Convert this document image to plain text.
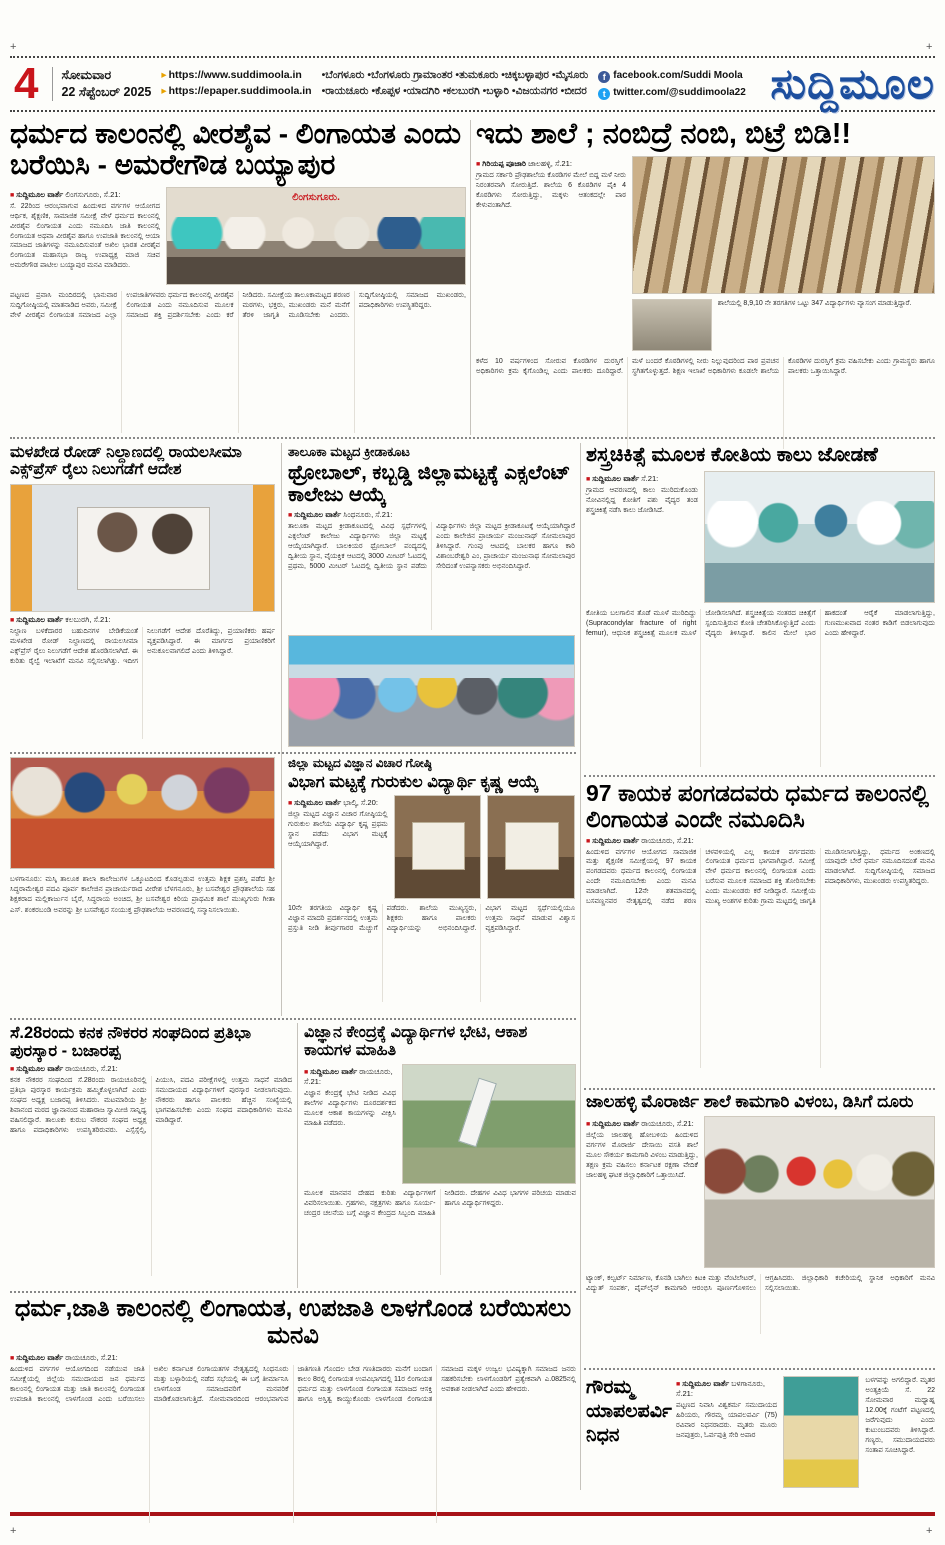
+	+
+	+
4	ಸೋಮವಾರ
22 ಸೆಪ್ಟೆಂಬರ್ 2025
▸ https://www.suddimoola.in
▸ https://epaper.suddimoola.in
•ಬೆಂಗಳೂರು •ಬೆಂಗಳೂರು ಗ್ರಾಮಾಂತರ •ತುಮಕೂರು •ಚಿಕ್ಕಬಳ್ಳಾಪುರ •ಮೈಸೂರು
•ರಾಯಚೂರು •ಕೊಪ್ಪಳ •ಯಾದಗಿರಿ •ಕಲಬುರಗಿ •ಬಳ್ಳಾರಿ •ವಿಜಯನಗರ •ಬೀದರ
f facebook.com/Suddi Moola
t twitter.com/@suddimoola22 ಸುದ್ದಿಮೂಲ
ಧರ್ಮದ ಕಾಲಂನಲ್ಲಿ ವೀರಶೈವ - ಲಿಂಗಾಯತ ಎಂದು ಬರೆಯಿಸಿ - ಅಮರೇಗೌಡ ಬಯ್ಯಾಪುರ
■ ಸುದ್ದಿಮೂಲ ವಾರ್ತೆ ಲಿಂಗಸುಗೂರು, ಸೆ.21:
ಸೆ. 22ರಿಂದ ಆರಂಭವಾಗುವ ಹಿಂದುಳಿದ ವರ್ಗಗಳ ಆಯೋಗದ ಆರ್ಥಿಕ, ಶೈಕ್ಷಣಿಕ, ಸಾಮಾಜಿಕ ಸಮೀಕ್ಷೆ ವೇಳೆ ಧರ್ಮದ ಕಾಲಂನಲ್ಲಿ ವೀರಶೈವ ಲಿಂಗಾಯತ ಎಂದು ನಮೂದಿಸಿ ಜಾತಿ ಕಾಲಂನಲ್ಲಿ ಲಿಂಗಾಯತ ಅಥವಾ ವೀರಶೈವ ಹಾಗೂ ಉಪಜಾತಿ ಕಾಲಂನಲ್ಲಿ ಆಯಾ ಸಮಾಜದ ಜಾತಿಗಳನ್ನು ನಮೂದಿಸುವಂತೆ ಅಖಿಲ ಭಾರತ ವೀರಶೈವ ಲಿಂಗಾಯತ ಮಹಾಸಭಾ ರಾಜ್ಯ ಉಪಾಧ್ಯಕ್ಷ ಮಾಜಿ ಸಚಿವ ಅಮರೇಗೌಡ ಪಾಟೀಲ ಬಯ್ಯಾಪುರ ಮನವಿ ಮಾಡಿದರು.
ಲಿಂಗಸುಗೂರು.
ಪಟ್ಟಣದ ಪ್ರವಾಸಿ ಮಂದಿರದಲ್ಲಿ ಭಾನುವಾರ ಸುದ್ದಿಗೋಷ್ಠಿಯಲ್ಲಿ ಮಾತನಾಡಿದ ಅವರು, ಸಮೀಕ್ಷೆ ವೇಳೆ ವೀರಶೈವ ಲಿಂಗಾಯತ ಸಮಾಜದ ಎಲ್ಲಾ ಉಪಜಾತಿಗಳವರು ಧರ್ಮದ ಕಾಲಂನಲ್ಲಿ ವೀರಶೈವ ಲಿಂಗಾಯತ ಎಂದು ನಮೂದಿಸುವ ಮೂಲಕ ಸಮಾಜದ ಶಕ್ತಿ ಪ್ರದರ್ಶಿಸಬೇಕು ಎಂದು ಕರೆ ನೀಡಿದರು. ಸಮೀಕ್ಷೆಯ ತಾಲೂಕಾಮಟ್ಟದ ಶರಣರ ಮಠಗಳು, ಭಕ್ತರು, ಮುಖಂಡರು ಮನೆ ಮನೆಗೆ ತೆರಳಿ ಜಾಗೃತಿ ಮೂಡಿಸಬೇಕು ಎಂದರು. ಸುದ್ದಿಗೋಷ್ಠಿಯಲ್ಲಿ ಸಮಾಜದ ಮುಖಂಡರು, ಪದಾಧಿಕಾರಿಗಳು ಉಪಸ್ಥಿತರಿದ್ದರು.
ಇದು ಶಾಲೆ ; ನಂಬಿದ್ರೆ ನಂಬಿ, ಬಿಟ್ರೆ ಬಿಡಿ!!
■ ಗಿರಿಯಪ್ಪ ಪೂಜಾರಿ ಜಾಲಹಳ್ಳಿ, ಸೆ.21:
ಗ್ರಾಮದ ಸರ್ಕಾರಿ ಪ್ರೌಢಶಾಲೆಯ ಕೊಠಡಿಗಳ ಮೇಲೆ ಬಿದ್ದ ಮಳೆ ನೀರು ನಿರಂತರವಾಗಿ ಸೋರುತ್ತಿದೆ. ಶಾಲೆಯ 6 ಕೊಠಡಿಗಳ ಪೈಕಿ 4 ಕೊಠಡಿಗಳು ಸೋರುತ್ತಿದ್ದು, ಮಕ್ಕಳು ಆತಂಕದಲ್ಲೇ ಪಾಠ ಕೇಳುವಂತಾಗಿದೆ.
ಶಾಲೆಯಲ್ಲಿ 8,9,10 ನೇ ತರಗತಿಗಳ ಒಟ್ಟು 347 ವಿದ್ಯಾರ್ಥಿಗಳು ವ್ಯಾಸಂಗ ಮಾಡುತ್ತಿದ್ದಾರೆ.
ಕಳೆದ 10 ವರ್ಷಗಳಿಂದ ಸೋರುವ ಕೊಠಡಿಗಳ ದುರಸ್ತಿಗೆ ಅಧಿಕಾರಿಗಳು ಕ್ರಮ ಕೈಗೊಂಡಿಲ್ಲ ಎಂದು ಪಾಲಕರು ದೂರಿದ್ದಾರೆ. ಮಳೆ ಬಂದರೆ ಕೊಠಡಿಗಳಲ್ಲಿ ನೀರು ನಿಲ್ಲುವುದರಿಂದ ಪಾಠ ಪ್ರವಚನ ಸ್ಥಗಿತಗೊಳ್ಳುತ್ತದೆ. ಶಿಕ್ಷಣ ಇಲಾಖೆ ಅಧಿಕಾರಿಗಳು ಕೂಡಲೇ ಶಾಲೆಯ ಕೊಠಡಿಗಳ ದುರಸ್ತಿಗೆ ಕ್ರಮ ವಹಿಸಬೇಕು ಎಂದು ಗ್ರಾಮಸ್ಥರು ಹಾಗೂ ಪಾಲಕರು ಒತ್ತಾಯಿಸಿದ್ದಾರೆ.
ಮಳಖೇಡ ರೋಡ್ ನಿಲ್ದಾಣದಲ್ಲಿ ರಾಯಲಸೀಮಾ ಎಕ್ಸ್‌ಪ್ರೆಸ್ ರೈಲು ನಿಲುಗಡೆಗೆ ಆದೇಶ
■ ಸುದ್ದಿಮೂಲ ವಾರ್ತೆ ಕಲಬುರಗಿ, ಸೆ.21:
ನಿಲ್ದಾಣ ಬಳಕೆದಾರರ ಬಹುದಿನಗಳ ಬೇಡಿಕೆಯಂತೆ ಮಳಖೇಡ ರೋಡ್ ನಿಲ್ದಾಣದಲ್ಲಿ ರಾಯಲಸೀಮಾ ಎಕ್ಸ್‌ಪ್ರೆಸ್ ರೈಲು ನಿಲುಗಡೆಗೆ ಆದೇಶ ಹೊರಡಿಸಲಾಗಿದೆ. ಈ ಕುರಿತು ರೈಲ್ವೆ ಇಲಾಖೆಗೆ ಮನವಿ ಸಲ್ಲಿಸಲಾಗಿತ್ತು. ಇದೀಗ ನಿಲುಗಡೆಗೆ ಆದೇಶ ದೊರೆತಿದ್ದು, ಪ್ರಯಾಣಿಕರು ಹರ್ಷ ವ್ಯಕ್ತಪಡಿಸಿದ್ದಾರೆ. ಈ ಮಾರ್ಗದ ಪ್ರಯಾಣಿಕರಿಗೆ ಅನುಕೂಲವಾಗಲಿದೆ ಎಂದು ತಿಳಿಸಿದ್ದಾರೆ.
ತಾಲೂಕಾ ಮಟ್ಟದ ಕ್ರೀಡಾಕೂಟ
ಥ್ರೋಬಾಲ್, ಕಬ್ಬಡ್ಡಿ ಜಿಲ್ಲಾಮಟ್ಟಕ್ಕೆ ಎಕ್ಸಲೆಂಟ್ ಕಾಲೇಜು ಆಯ್ಕೆ
■ ಸುದ್ದಿಮೂಲ ವಾರ್ತೆ ಸಿಂಧನೂರು, ಸೆ.21:
ತಾಲೂಕಾ ಮಟ್ಟದ ಕ್ರೀಡಾಕೂಟದಲ್ಲಿ ವಿವಿಧ ಸ್ಪರ್ಧೆಗಳಲ್ಲಿ ಎಕ್ಸಲೆಂಟ್ ಕಾಲೇಜು ವಿದ್ಯಾರ್ಥಿಗಳು ಜಿಲ್ಲಾ ಮಟ್ಟಕ್ಕೆ ಆಯ್ಕೆಯಾಗಿದ್ದಾರೆ. ಬಾಲಕಿಯರ ಥ್ರೋಬಾಲ್ ಪಂದ್ಯದಲ್ಲಿ ದ್ವಿತೀಯ ಸ್ಥಾನ, ವೈಯಕ್ತಿಕ ಆಟದಲ್ಲಿ 3000 ಮೀಟರ್ ಓಟದಲ್ಲಿ ಪ್ರಥಮ, 5000 ಮೀಟರ್ ಓಟದಲ್ಲಿ ದ್ವಿತೀಯ ಸ್ಥಾನ ಪಡೆದು ವಿದ್ಯಾರ್ಥಿಗಳು ಜಿಲ್ಲಾ ಮಟ್ಟದ ಕ್ರೀಡಾಕೂಟಕ್ಕೆ ಆಯ್ಕೆಯಾಗಿದ್ದಾರೆ ಎಂದು ಕಾಲೇಜಿನ ಪ್ರಾಚಾರ್ಯ ಮಂಜುನಾಥ್ ಸೋಮಲಾಪುರ ತಿಳಿಸಿದ್ದಾರೆ. ಗುಂಪು ಆಟದಲ್ಲಿ ಬಾಲಕರ ಹಾಗೂ ಕಾರಿ ವಿಶಾಂಬರೇಶ್ವರಿ ಎಂ, ಪ್ರಾಚಾರ್ಯ ಮಂಜುನಾಥ ಸೋಮಲಾಪುರ ಸೇರಿದಂತೆ ಉಪನ್ಯಾಸಕರು ಅಭಿನಂದಿಸಿದ್ದಾರೆ.
ಶಸ್ತ್ರಚಿಕಿತ್ಸೆ ಮೂಲಕ ಕೋತಿಯ ಕಾಲು ಜೋಡಣೆ
■ ಸುದ್ದಿಮೂಲ ವಾರ್ತೆ ಸೆ.21:
ಗ್ರಾಮದ ಆವರಣದಲ್ಲಿ ಕಾಲು ಮುರಿದುಕೊಂಡು ನೋವಿನಲ್ಲಿದ್ದ ಕೋತಿಗೆ ಪಶು ವೈದ್ಯರ ತಂಡ ಶಸ್ತ್ರಚಿಕಿತ್ಸೆ ನಡೆಸಿ ಕಾಲು ಜೋಡಿಸಿದೆ.
ಕೋತಿಯ ಬಲಗಾಲಿನ ತೊಡೆ ಮೂಳೆ ಮುರಿದಿದ್ದು (Supracondylar fracture of right femur), ಆಧುನಿಕ ಶಸ್ತ್ರಚಿಕಿತ್ಸೆ ಮೂಲಕ ಮೂಳೆ ಜೋಡಿಸಲಾಗಿದೆ. ಶಸ್ತ್ರಚಿಕಿತ್ಸೆಯ ನಂತರದ ಚಿಕಿತ್ಸೆಗೆ ಸ್ಪಂದಿಸುತ್ತಿರುವ ಕೋತಿ ಚೇತರಿಸಿಕೊಳ್ಳುತ್ತಿದೆ ಎಂದು ವೈದ್ಯರು ತಿಳಿಸಿದ್ದಾರೆ. ಕಾಲಿನ ಮೇಲೆ ಭಾರ ಹಾಕದಂತೆ ಆರೈಕೆ ಮಾಡಲಾಗುತ್ತಿದ್ದು, ಗುಣಮುಖವಾದ ನಂತರ ಕಾಡಿಗೆ ಬಿಡಲಾಗುವುದು ಎಂದು ಹೇಳಿದ್ದಾರೆ.
ಬಳಗಾನೂರು: ಮಸ್ಕಿ ತಾಲೂಕ ಶಾಲಾ ಕಾಲೇಜುಗಳ ಒಕ್ಕೂಟದಿಂದ ಕೊಡಲ್ಪಡುವ ಉತ್ತಮ ಶಿಕ್ಷಕ ಪ್ರಶಸ್ತಿ ಪಡೆದ ಶ್ರೀ ಸಿದ್ಧರಾಮೇಶ್ವರ ಪದವಿ ಪೂರ್ವ ಕಾಲೇಜಿನ ಪ್ರಾಚಾರ್ಯರಾದ ವೀರೇಶ ಬೆಳಗನೂರು, ಶ್ರೀ ಬಸವೇಶ್ವರ ಪ್ರೌಢಶಾಲೆಯ ಸಹ ಶಿಕ್ಷಕರಾದ ಮಲ್ಲಿಕಾರ್ಜುನ ಬೈರೆ, ಸಿದ್ಧರಾಯ ಅಂಚಿದ, ಶ್ರೀ ಬಸವೇಶ್ವರ ಕಿರಿಯ ಪ್ರಾಥಮಿಕ ಶಾಲೆ ಮುಖ್ಯಗುರು ಗೀತಾ ಎಸ್. ಶಂಕರಬಂಡಿ ಅವರನ್ನು ಶ್ರೀ ಬಸವೇಶ್ವರ ಸಂಯುಕ್ತ ಪ್ರೌಢಶಾಲೆಯ ಆವರಣದಲ್ಲಿ ಸನ್ಮಾನಿಸಲಾಯಿತು.
ಜಿಲ್ಲಾ ಮಟ್ಟದ ವಿಜ್ಞಾನ ವಿಚಾರ ಗೋಷ್ಠಿ
ವಿಭಾಗ ಮಟ್ಟಕ್ಕೆ ಗುರುಕುಲ ವಿದ್ಯಾರ್ಥಿ ಕೃಷ್ಣ ಆಯ್ಕೆ
■ ಸುದ್ದಿಮೂಲ ವಾರ್ತೆ ಭಾಲ್ಕಿ, ಸೆ.20:
ಜಿಲ್ಲಾ ಮಟ್ಟದ ವಿಜ್ಞಾನ ವಿಚಾರ ಗೋಷ್ಠಿಯಲ್ಲಿ ಗುರುಕುಲ ಶಾಲೆಯ ವಿದ್ಯಾರ್ಥಿ ಕೃಷ್ಣ ಪ್ರಥಮ ಸ್ಥಾನ ಪಡೆದು ವಿಭಾಗ ಮಟ್ಟಕ್ಕೆ ಆಯ್ಕೆಯಾಗಿದ್ದಾರೆ.
10ನೇ ತರಗತಿಯ ವಿದ್ಯಾರ್ಥಿ ಕೃಷ್ಣ ವಿಜ್ಞಾನ ಮಾದರಿ ಪ್ರದರ್ಶನದಲ್ಲಿ ಉತ್ತಮ ಪ್ರಸ್ತುತಿ ನೀಡಿ ತೀರ್ಪುಗಾರರ ಮೆಚ್ಚುಗೆ ಪಡೆದರು. ಶಾಲೆಯ ಮುಖ್ಯಸ್ಥರು, ಶಿಕ್ಷಕರು ಹಾಗೂ ಪಾಲಕರು ವಿದ್ಯಾರ್ಥಿಯನ್ನು ಅಭಿನಂದಿಸಿದ್ದಾರೆ. ವಿಭಾಗ ಮಟ್ಟದ ಸ್ಪರ್ಧೆಯಲ್ಲಿಯೂ ಉತ್ತಮ ಸಾಧನೆ ಮಾಡುವ ವಿಶ್ವಾಸ ವ್ಯಕ್ತಪಡಿಸಿದ್ದಾರೆ.
97 ಕಾಯಕ ಪಂಗಡದವರು ಧರ್ಮದ ಕಾಲಂನಲ್ಲಿ ಲಿಂಗಾಯತ ಎಂದೇ ನಮೂದಿಸಿ
■ ಸುದ್ದಿಮೂಲ ವಾರ್ತೆ ರಾಯಚೂರು, ಸೆ.21:
ಹಿಂದುಳಿದ ವರ್ಗಗಳ ಆಯೋಗದ ಸಾಮಾಜಿಕ ಮತ್ತು ಶೈಕ್ಷಣಿಕ ಸಮೀಕ್ಷೆಯಲ್ಲಿ 97 ಕಾಯಕ ಪಂಗಡದವರು ಧರ್ಮದ ಕಾಲಂನಲ್ಲಿ ಲಿಂಗಾಯತ ಎಂದೇ ನಮೂದಿಸಬೇಕು ಎಂದು ಮನವಿ ಮಾಡಲಾಗಿದೆ. 12ನೇ ಶತಮಾನದಲ್ಲಿ ಬಸವಣ್ಣನವರ ನೇತೃತ್ವದಲ್ಲಿ ನಡೆದ ಶರಣ ಚಳವಳಿಯಲ್ಲಿ ಎಲ್ಲ ಕಾಯಕ ವರ್ಗದವರು ಲಿಂಗಾಯತ ಧರ್ಮದ ಭಾಗವಾಗಿದ್ದಾರೆ. ಸಮೀಕ್ಷೆ ವೇಳೆ ಧರ್ಮದ ಕಾಲಂನಲ್ಲಿ ಲಿಂಗಾಯತ ಎಂದು ಬರೆಸುವ ಮೂಲಕ ಸಮಾಜದ ಶಕ್ತಿ ತೋರಿಸಬೇಕು ಎಂದು ಮುಖಂಡರು ಕರೆ ನೀಡಿದ್ದಾರೆ. ಸಮೀಕ್ಷೆಯ ಮುಖ್ಯ ಅಂಶಗಳ ಕುರಿತು ಗ್ರಾಮ ಮಟ್ಟದಲ್ಲಿ ಜಾಗೃತಿ ಮೂಡಿಸಲಾಗುತ್ತಿದ್ದು, ಧರ್ಮದ ಅಂಕಣದಲ್ಲಿ ಯಾವುದೇ ಬೇರೆ ಧರ್ಮ ನಮೂದಿಸದಂತೆ ಮನವಿ ಮಾಡಲಾಗಿದೆ. ಸುದ್ದಿಗೋಷ್ಠಿಯಲ್ಲಿ ಸಮಾಜದ ಪದಾಧಿಕಾರಿಗಳು, ಮುಖಂಡರು ಉಪಸ್ಥಿತರಿದ್ದರು.
ಸೆ.28ರಂದು ಕನಕ ನೌಕರರ ಸಂಘದಿಂದ ಪ್ರತಿಭಾ ಪುರಸ್ಕಾರ - ಬಜಾರಪ್ಪ
■ ಸುದ್ದಿಮೂಲ ವಾರ್ತೆ ರಾಯಚೂರು, ಸೆ.21:
ಕನಕ ನೌಕರರ ಸಂಘದಿಂದ ಸೆ.28ರಂದು ರಾಯಚೂರಿನಲ್ಲಿ ಪ್ರತಿಭಾ ಪುರಸ್ಕಾರ ಕಾರ್ಯಕ್ರಮ ಹಮ್ಮಿಕೊಳ್ಳಲಾಗಿದೆ ಎಂದು ಸಂಘದ ಅಧ್ಯಕ್ಷ ಬಜಾರಪ್ಪ ತಿಳಿಸಿದರು. ಮಟಮಾರಿಯ ಶ್ರೀ ಶಿವಾನಂದ ಮಠದ ಜ್ಞಾನಾನಂದ ಮಹಾರಾಜ ಸ್ವಾಮೀಜಿ ಸಾನ್ನಿಧ್ಯ ವಹಿಸಲಿದ್ದಾರೆ. ತಾಲೂಕು ಕುರುಬ ನೌಕರರ ಸಂಘದ ಅಧ್ಯಕ್ಷ ಹಾಗೂ ಪದಾಧಿಕಾರಿಗಳು ಉಪಸ್ಥಿತರಿರುವರು. ಎಸ್ಸೆಸ್ಸೆಲ್ಸಿ, ಪಿಯುಸಿ, ಪದವಿ ಪರೀಕ್ಷೆಗಳಲ್ಲಿ ಉತ್ತಮ ಸಾಧನೆ ಮಾಡಿದ ಸಮುದಾಯದ ವಿದ್ಯಾರ್ಥಿಗಳಿಗೆ ಪುರಸ್ಕಾರ ನೀಡಲಾಗುವುದು. ನೌಕರರು ಹಾಗೂ ಪಾಲಕರು ಹೆಚ್ಚಿನ ಸಂಖ್ಯೆಯಲ್ಲಿ ಭಾಗವಹಿಸಬೇಕು ಎಂದು ಸಂಘದ ಪದಾಧಿಕಾರಿಗಳು ಮನವಿ ಮಾಡಿದ್ದಾರೆ.
ವಿಜ್ಞಾನ ಕೇಂದ್ರಕ್ಕೆ ವಿದ್ಯಾರ್ಥಿಗಳ ಭೇಟಿ, ಆಕಾಶ ಕಾಯಗಳ ಮಾಹಿತಿ
■ ಸುದ್ದಿಮೂಲ ವಾರ್ತೆ ರಾಯಚೂರು, ಸೆ.21:
ವಿಜ್ಞಾನ ಕೇಂದ್ರಕ್ಕೆ ಭೇಟಿ ನೀಡಿದ ವಿವಿಧ ಶಾಲೆಗಳ ವಿದ್ಯಾರ್ಥಿಗಳು ದೂರದರ್ಶಕದ ಮೂಲಕ ಆಕಾಶ ಕಾಯಗಳನ್ನು ವೀಕ್ಷಿಸಿ ಮಾಹಿತಿ ಪಡೆದರು.
ಮೂಲಕ ಮಾನವನ ದೇಹದ ಕುರಿತು ವಿದ್ಯಾರ್ಥಿಗಳಿಗೆ ವಿವರಿಸಲಾಯಿತು. ಗ್ರಹಗಳು, ನಕ್ಷತ್ರಗಳು ಹಾಗೂ ಸೂರ್ಯ-ಚಂದ್ರರ ಚಲನೆಯ ಬಗ್ಗೆ ವಿಜ್ಞಾನ ಕೇಂದ್ರದ ಸಿಬ್ಬಂದಿ ಮಾಹಿತಿ ನೀಡಿದರು. ದೇಹಗಳ ವಿವಿಧ ಭಾಗಗಳ ಪರಿಚಯ ಮಾಡುವ ಹಾಗೂ ವಿದ್ಯಾರ್ಥಿಗಳಿದ್ದರು.
ಜಾಲಹಳ್ಳಿ ಮೊರಾರ್ಜಿ ಶಾಲೆ ಕಾಮಗಾರಿ ವಿಳಂಬ, ಡಿಸಿಗೆ ದೂರು
■ ಸುದ್ದಿಮೂಲ ವಾರ್ತೆ ರಾಯಚೂರು, ಸೆ.21:
ಜಿಲ್ಲೆಯ ಜಾಲಹಳ್ಳಿ ಹೋಬಳಿಯ ಹಿಂದುಳಿದ ವರ್ಗಗಳ ಮೊರಾರ್ಜಿ ದೇಸಾಯಿ ವಸತಿ ಶಾಲೆ ಮೂಲ ಸೌಕರ್ಯ ಕಾಮಗಾರಿ ವಿಳಂಬ ಮಾಡುತ್ತಿದ್ದು, ತಕ್ಷಣ ಕ್ರಮ ವಹಿಸಲು ಕರ್ನಾಟಕ ರಕ್ಷಣಾ ವೇದಿಕೆ ಜಾಲಹಳ್ಳಿ ಘಟಕ ಜಿಲ್ಲಾಧಿಕಾರಿಗೆ ಒತ್ತಾಯಿಸಿದೆ.
ಟ್ಯಾಂಕ್, ಕಲ್ವರ್ಟ್ ನಿರ್ಮಾಣ, ಕೊನಡಿ ಬಾಗಿಲು ಕಿಟಕಿ ಮತ್ತು ವೆಂಟಿಲೇಟರ್, ವಿದ್ಯುತ್ ಸಂಪರ್ಕ, ಪೈಪ್‌ಲೈನ್ ಕಾಮಗಾರಿ ಆರಂಭಿಸಿ ಪೂರ್ಣಗೊಳಿಸಲು ಆಗ್ರಹಿಸಿದರು. ಜಿಲ್ಲಾಧಿಕಾರಿ ಕಚೇರಿಯಲ್ಲಿ ಸ್ಥಾನಿಕ ಅಧಿಕಾರಿಗೆ ಮನವಿ ಸಲ್ಲಿಸಲಾಯಿತು.
ಧರ್ಮ,ಜಾತಿ ಕಾಲಂನಲ್ಲಿ ಲಿಂಗಾಯತ, ಉಪಜಾತಿ ಲಾಳಗೊಂಡ ಬರೆಯಿಸಲು ಮನವಿ
■ ಸುದ್ದಿಮೂಲ ವಾರ್ತೆ ರಾಯಚೂರು, ಸೆ.21:
ಹಿಂದುಳಿದ ವರ್ಗಗಳ ಆಯೋಗದಿಂದ ನಡೆಯುವ ಜಾತಿ ಸಮೀಕ್ಷೆಯಲ್ಲಿ ಜಿಲ್ಲೆಯ ಸಮುದಾಯದ ಜನ ಧರ್ಮದ ಕಾಲಂನಲ್ಲಿ ಲಿಂಗಾಯತ ಮತ್ತು ಜಾತಿ ಕಾಲಂನಲ್ಲಿ ಲಿಂಗಾಯತ ಉಪಜಾತಿ ಕಾಲಂನಲ್ಲಿ ಲಾಳಗೊಂಡ ಎಂದು ಬರೆಯಿಸಲು ಅಖಿಲ ಕರ್ನಾಟಕ ಲಿಂಗಾಯತಗಳ ನೇತೃತ್ವದಲ್ಲಿ ಸಿಂಧನೂರು ಮತ್ತು ಬಳ್ಳಾರಿಯಲ್ಲಿ ನಡೆದ ಸಭೆಯಲ್ಲಿ ಈ ಬಗ್ಗೆ ತೀರ್ಮಾನಿಸಿ ಲಾಳಗೊಂಡ ಸಮಾಜದವರಿಗೆ ಮನವರಿಕೆ ಮಾಡಿಕೊಡಲಾಗುತ್ತಿದೆ. ಸೋಮವಾರದಿಂದ ಆರಂಭವಾಗುವ ಜಾತಿಗಣತಿ ಗೊಂದಲ ಬೇಡ ಗಣತಿದಾರರು ಮನೆಗೆ ಬಂದಾಗ ಕಾಲಂ 8ರಲ್ಲಿ ಲಿಂಗಾಯತ ಉಪವಿಭಾಗದಲ್ಲಿ 11ರ ಲಿಂಗಾಯತ ಧರ್ಮದ ಮತ್ತು ಲಾಳಗೊಂಡ ಲಿಂಗಾಯತ ಸಮಾಜದ ಆಸಕ್ತಿ ಹಾಗೂ ಅಸ್ತಿತ್ವ ಕಾಯ್ದುಕೊಂಡು ಲಾಳಗೊಂಡ ಲಿಂಗಾಯತ ಸಮಾಜದ ಮಕ್ಕಳ ಉಜ್ವಲ ಭವಿಷ್ಯಕ್ಕಾಗಿ ಸಮಾಜದ ಜನರು ಸಹಕರಿಸಬೇಕು ಲಾಳಗೊಂಡರಿಗೆ ಪ್ರತ್ಯೇಕವಾಗಿ ಎ.0825ನಲ್ಲಿ ಅವಕಾಶ ನೀಡಲಾಗಿದೆ ಎಂದು ಹೇಳಿದರು.	ಗೌರಮ್ಮ ಯಾಪಲಪರ್ವಿ ನಿಧನ
■ ಸುದ್ದಿಮೂಲ ವಾರ್ತೆ ಬಳಗಾನೂರು, ಸೆ.21:
ಪಟ್ಟಣದ ನಿವಾಸಿ ವಿಶ್ವಕರ್ಮ ಸಮುದಾಯದ ಹಿರಿಯರು, ಗೌರಮ್ಮ ಯಾಪಲಪರ್ವಿ (75) ರವಿವಾರ ನಿಧನರಾದರು. ಮೃತರು ಮೂರು ಜನಪುತ್ರರು, ಓರ್ವಪುತ್ರಿ ಸೇರಿ ಅಪಾರ
ಬಳಗವನ್ನು ಅಗಲಿದ್ದಾರೆ. ಮೃತರ ಅಂತ್ಯಕ್ರಿಯೆ ಸೆ. 22 ಸೋಮವಾರ ಮಧ್ಯಾಹ್ನ 12.00ಕ್ಕೆ ಗಂಟೆಗೆ ಪಟ್ಟಣದಲ್ಲಿ ಜರೆಗುವುದು ಎಂದು ಕುಟುಂಬದವರು ತಿಳಿಸಿದ್ದಾರೆ. ಗಣ್ಯರು, ಸಮುದಾಯದವರು ಸಂತಾಪ ಸೂಚಿಸಿದ್ದಾರೆ.
